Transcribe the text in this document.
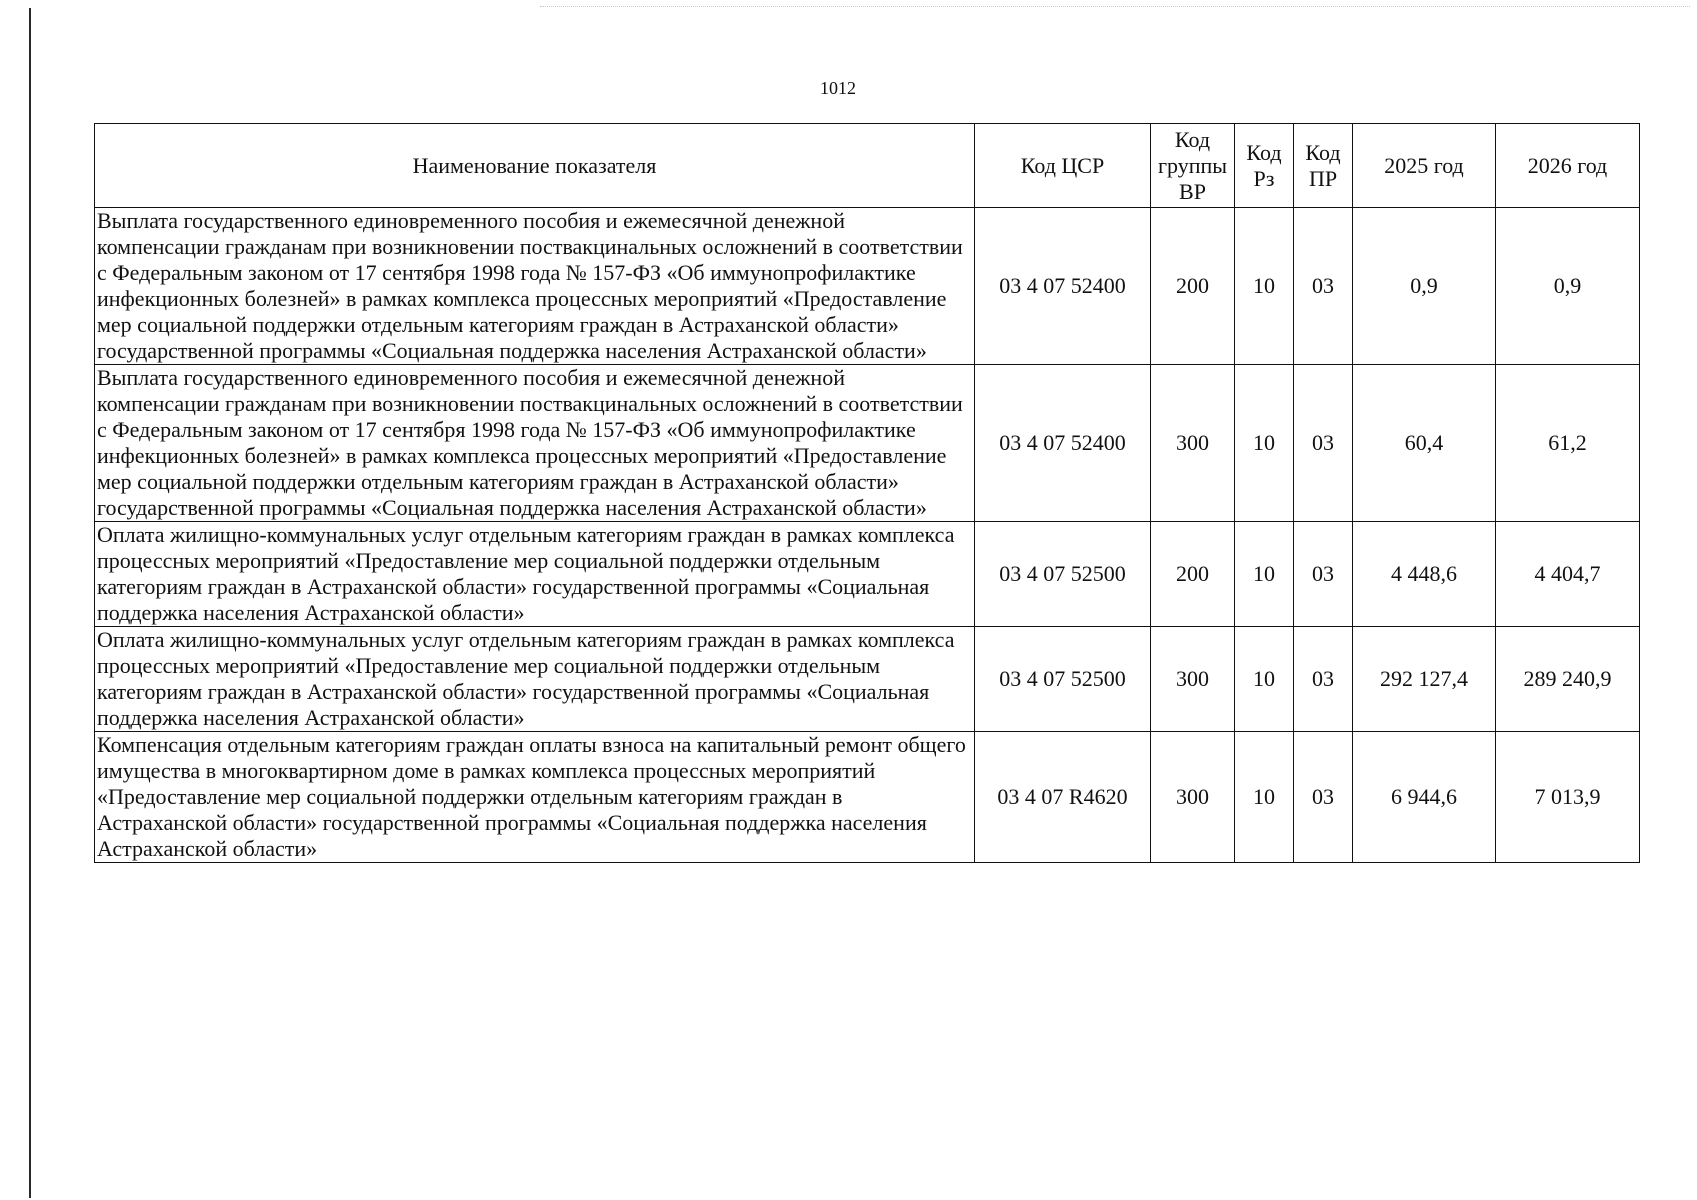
1012
Наименование показателя	Код ЦСР	Код группы ВР	Код Рз	Код ПР	2025 год	2026 год
Выплата государственного единовременного пособия и ежемесячной денежной компенсации гражданам при возникновении поствакцинальных осложнений в соответствии с Федеральным законом от 17 сентября 1998 года № 157-ФЗ «Об иммунопрофилактике инфекционных болезней» в рамках комплекса процессных мероприятий «Предоставление мер социальной поддержки отдельным категориям граждан в Астраханской области» государственной программы «Социальная поддержка населения Астраханской области»	03 4 07 52400	200	10	03	0,9	0,9
Выплата государственного единовременного пособия и ежемесячной денежной компенсации гражданам при возникновении поствакцинальных осложнений в соответствии с Федеральным законом от 17 сентября 1998 года № 157-ФЗ «Об иммунопрофилактике инфекционных болезней» в рамках комплекса процессных мероприятий «Предоставление мер социальной поддержки отдельным категориям граждан в Астраханской области» государственной программы «Социальная поддержка населения Астраханской области»	03 4 07 52400	300	10	03	60,4	61,2
Оплата жилищно-коммунальных услуг отдельным категориям граждан в рамках комплекса процессных мероприятий «Предоставление мер социальной поддержки отдельным категориям граждан в Астраханской области» государственной программы «Социальная поддержка населения Астраханской области»	03 4 07 52500	200	10	03	4 448,6	4 404,7
Оплата жилищно-коммунальных услуг отдельным категориям граждан в рамках комплекса процессных мероприятий «Предоставление мер социальной поддержки отдельным категориям граждан в Астраханской области» государственной программы «Социальная поддержка населения Астраханской области»	03 4 07 52500	300	10	03	292 127,4	289 240,9
Компенсация отдельным категориям граждан оплаты взноса на капитальный ремонт общего имущества в многоквартирном доме в рамках комплекса процессных мероприятий «Предоставление мер социальной поддержки отдельным категориям граждан в Астраханской области» государственной программы «Социальная поддержка населения Астраханской области»	03 4 07 R4620	300	10	03	6 944,6	7 013,9
